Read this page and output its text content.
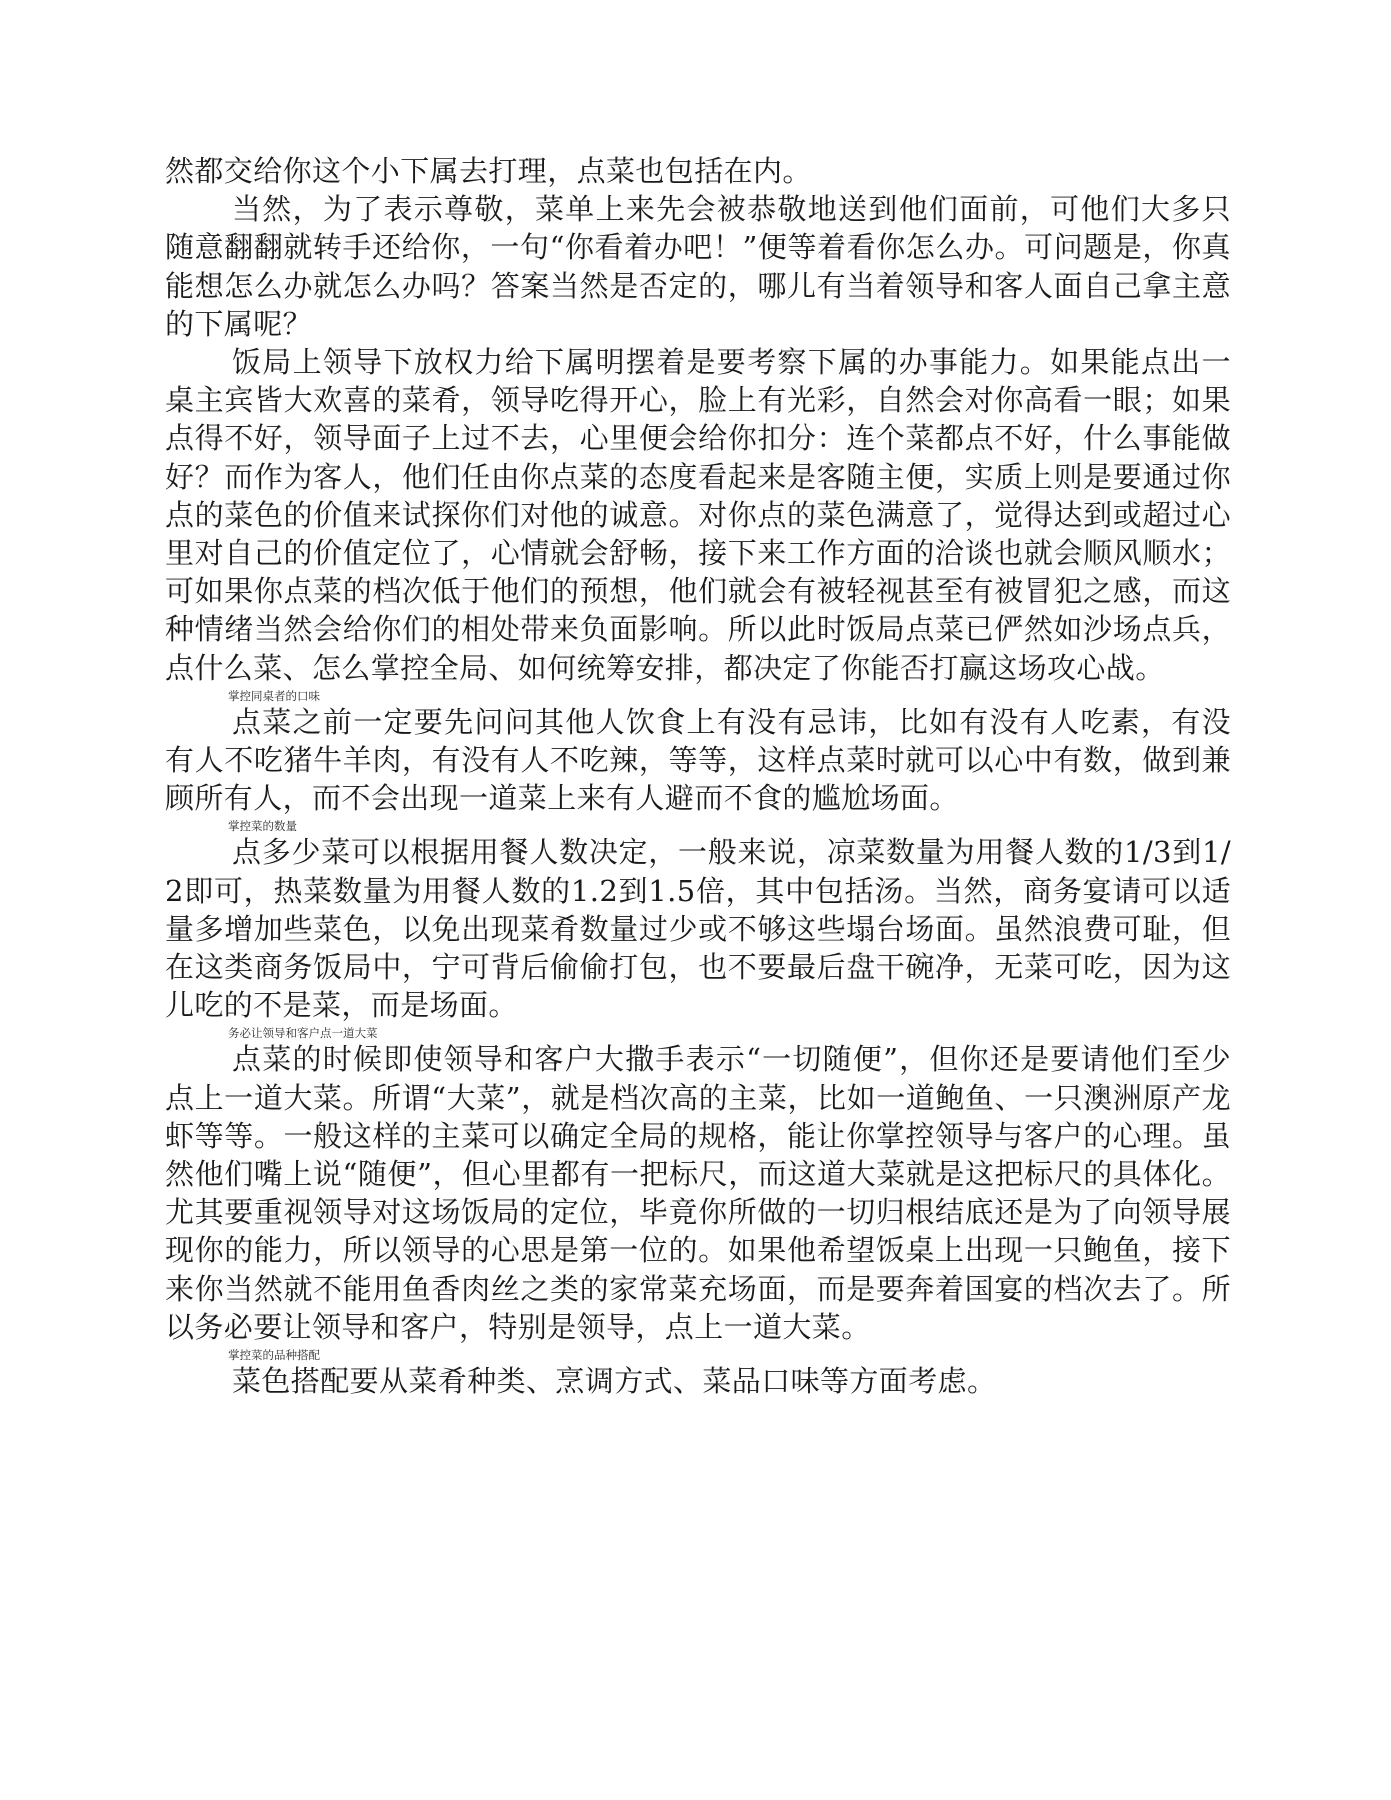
然都交给你这个小下属去打理，点菜也包括在内。

当然，为了表示尊敬，菜单上来先会被恭敬地送到他们面前，可他们大多只随意翻翻就转手还给你，一句“你看着办吧！”便等着看你怎么办。可问题是，你真能想怎么办就怎么办吗？答案当然是否定的，哪儿有当着领导和客人面自己拿主意的下属呢？

饭局上领导下放权力给下属明摆着是要考察下属的办事能力。如果能点出一桌主宾皆大欢喜的菜肴，领导吃得开心，脸上有光彩，自然会对你高看一眼；如果点得不好，领导面子上过不去，心里便会给你扣分：连个菜都点不好，什么事能做好？而作为客人，他们任由你点菜的态度看起来是客随主便，实质上则是要通过你点的菜色的价值来试探你们对他的诚意。对你点的菜色满意了，觉得达到或超过心里对自己的价值定位了，心情就会舒畅，接下来工作方面的洽谈也就会顺风顺水；可如果你点菜的档次低于他们的预想，他们就会有被轻视甚至有被冒犯之感，而这种情绪当然会给你们的相处带来负面影响。所以此时饭局点菜已俨然如沙场点兵，点什么菜、怎么掌控全局、如何统筹安排，都决定了你能否打赢这场攻心战。

掌控同桌者的口味

点菜之前一定要先问问其他人饮食上有没有忌讳，比如有没有人吃素，有没有人不吃猪牛羊肉，有没有人不吃辣，等等，这样点菜时就可以心中有数，做到兼顾所有人，而不会出现一道菜上来有人避而不食的尴尬场面。

掌控菜的数量

点多少菜可以根据用餐人数决定，一般来说，凉菜数量为用餐人数的1/3到1/2即可，热菜数量为用餐人数的1.2到1.5倍，其中包括汤。当然，商务宴请可以适量多增加些菜色，以免出现菜肴数量过少或不够这些塌台场面。虽然浪费可耻，但在这类商务饭局中，宁可背后偷偷打包，也不要最后盘干碗净，无菜可吃，因为这儿吃的不是菜，而是场面。

务必让领导和客户点一道大菜

点菜的时候即使领导和客户大撒手表示“一切随便”，但你还是要请他们至少点上一道大菜。所谓“大菜”，就是档次高的主菜，比如一道鲍鱼、一只澳洲原产龙虾等等。一般这样的主菜可以确定全局的规格，能让你掌控领导与客户的心理。虽然他们嘴上说“随便”，但心里都有一把标尺，而这道大菜就是这把标尺的具体化。尤其要重视领导对这场饭局的定位，毕竟你所做的一切归根结底还是为了向领导展现你的能力，所以领导的心思是第一位的。如果他希望饭桌上出现一只鲍鱼，接下来你当然就不能用鱼香肉丝之类的家常菜充场面，而是要奔着国宴的档次去了。所以务必要让领导和客户，特别是领导，点上一道大菜。

掌控菜的品种搭配

菜色搭配要从菜肴种类、烹调方式、菜品口味等方面考虑。
